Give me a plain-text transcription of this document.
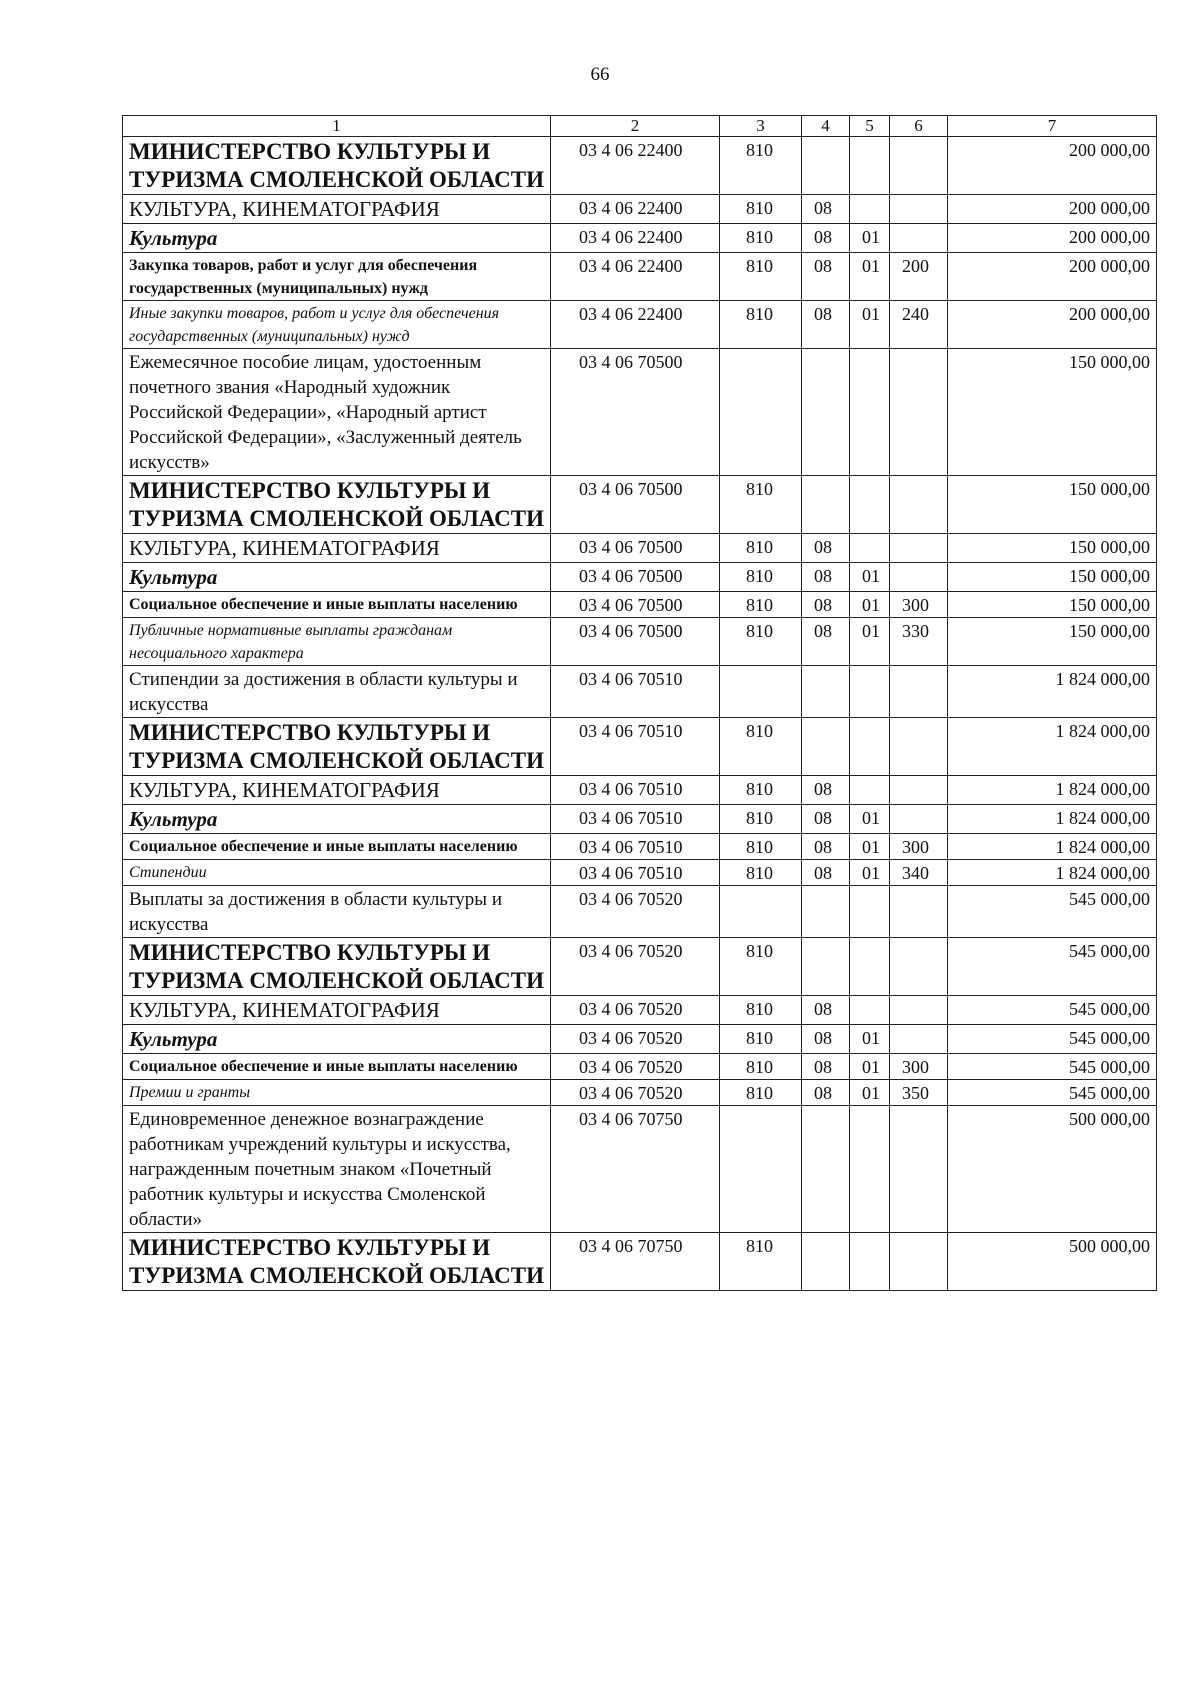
66
1	2	3	4	5	6	7
МИНИСТЕРСТВО КУЛЬТУРЫ И ТУРИЗМА СМОЛЕНСКОЙ ОБЛАСТИ	03 4 06 22400	810				200 000,00
КУЛЬТУРА, КИНЕМАТОГРАФИЯ	03 4 06 22400	810	08			200 000,00
Культура	03 4 06 22400	810	08	01		200 000,00
Закупка товаров, работ и услуг для обеспечения государственных (муниципальных) нужд	03 4 06 22400	810	08	01	200	200 000,00
Иные закупки товаров, работ и услуг для обеспечения государственных (муниципальных) нужд	03 4 06 22400	810	08	01	240	200 000,00
Ежемесячное пособие лицам, удостоенным почетного звания «Народный художник Российской Федерации», «Народный артист Российской Федерации», «Заслуженный деятель искусств»	03 4 06 70500					150 000,00
МИНИСТЕРСТВО КУЛЬТУРЫ И ТУРИЗМА СМОЛЕНСКОЙ ОБЛАСТИ	03 4 06 70500	810				150 000,00
КУЛЬТУРА, КИНЕМАТОГРАФИЯ	03 4 06 70500	810	08			150 000,00
Культура	03 4 06 70500	810	08	01		150 000,00
Социальное обеспечение и иные выплаты населению	03 4 06 70500	810	08	01	300	150 000,00
Публичные нормативные выплаты гражданам несоциального характера	03 4 06 70500	810	08	01	330	150 000,00
Стипендии за достижения в области культуры и искусства	03 4 06 70510					1 824 000,00
МИНИСТЕРСТВО КУЛЬТУРЫ И ТУРИЗМА СМОЛЕНСКОЙ ОБЛАСТИ	03 4 06 70510	810				1 824 000,00
КУЛЬТУРА, КИНЕМАТОГРАФИЯ	03 4 06 70510	810	08			1 824 000,00
Культура	03 4 06 70510	810	08	01		1 824 000,00
Социальное обеспечение и иные выплаты населению	03 4 06 70510	810	08	01	300	1 824 000,00
Стипендии	03 4 06 70510	810	08	01	340	1 824 000,00
Выплаты за достижения в области культуры и искусства	03 4 06 70520					545 000,00
МИНИСТЕРСТВО КУЛЬТУРЫ И ТУРИЗМА СМОЛЕНСКОЙ ОБЛАСТИ	03 4 06 70520	810				545 000,00
КУЛЬТУРА, КИНЕМАТОГРАФИЯ	03 4 06 70520	810	08			545 000,00
Культура	03 4 06 70520	810	08	01		545 000,00
Социальное обеспечение и иные выплаты населению	03 4 06 70520	810	08	01	300	545 000,00
Премии и гранты	03 4 06 70520	810	08	01	350	545 000,00
Единовременное денежное вознаграждение работникам учреждений культуры и искусства, награжденным почетным знаком «Почетный работник культуры и искусства Смоленской области»	03 4 06 70750					500 000,00
МИНИСТЕРСТВО КУЛЬТУРЫ И ТУРИЗМА СМОЛЕНСКОЙ ОБЛАСТИ	03 4 06 70750	810				500 000,00
